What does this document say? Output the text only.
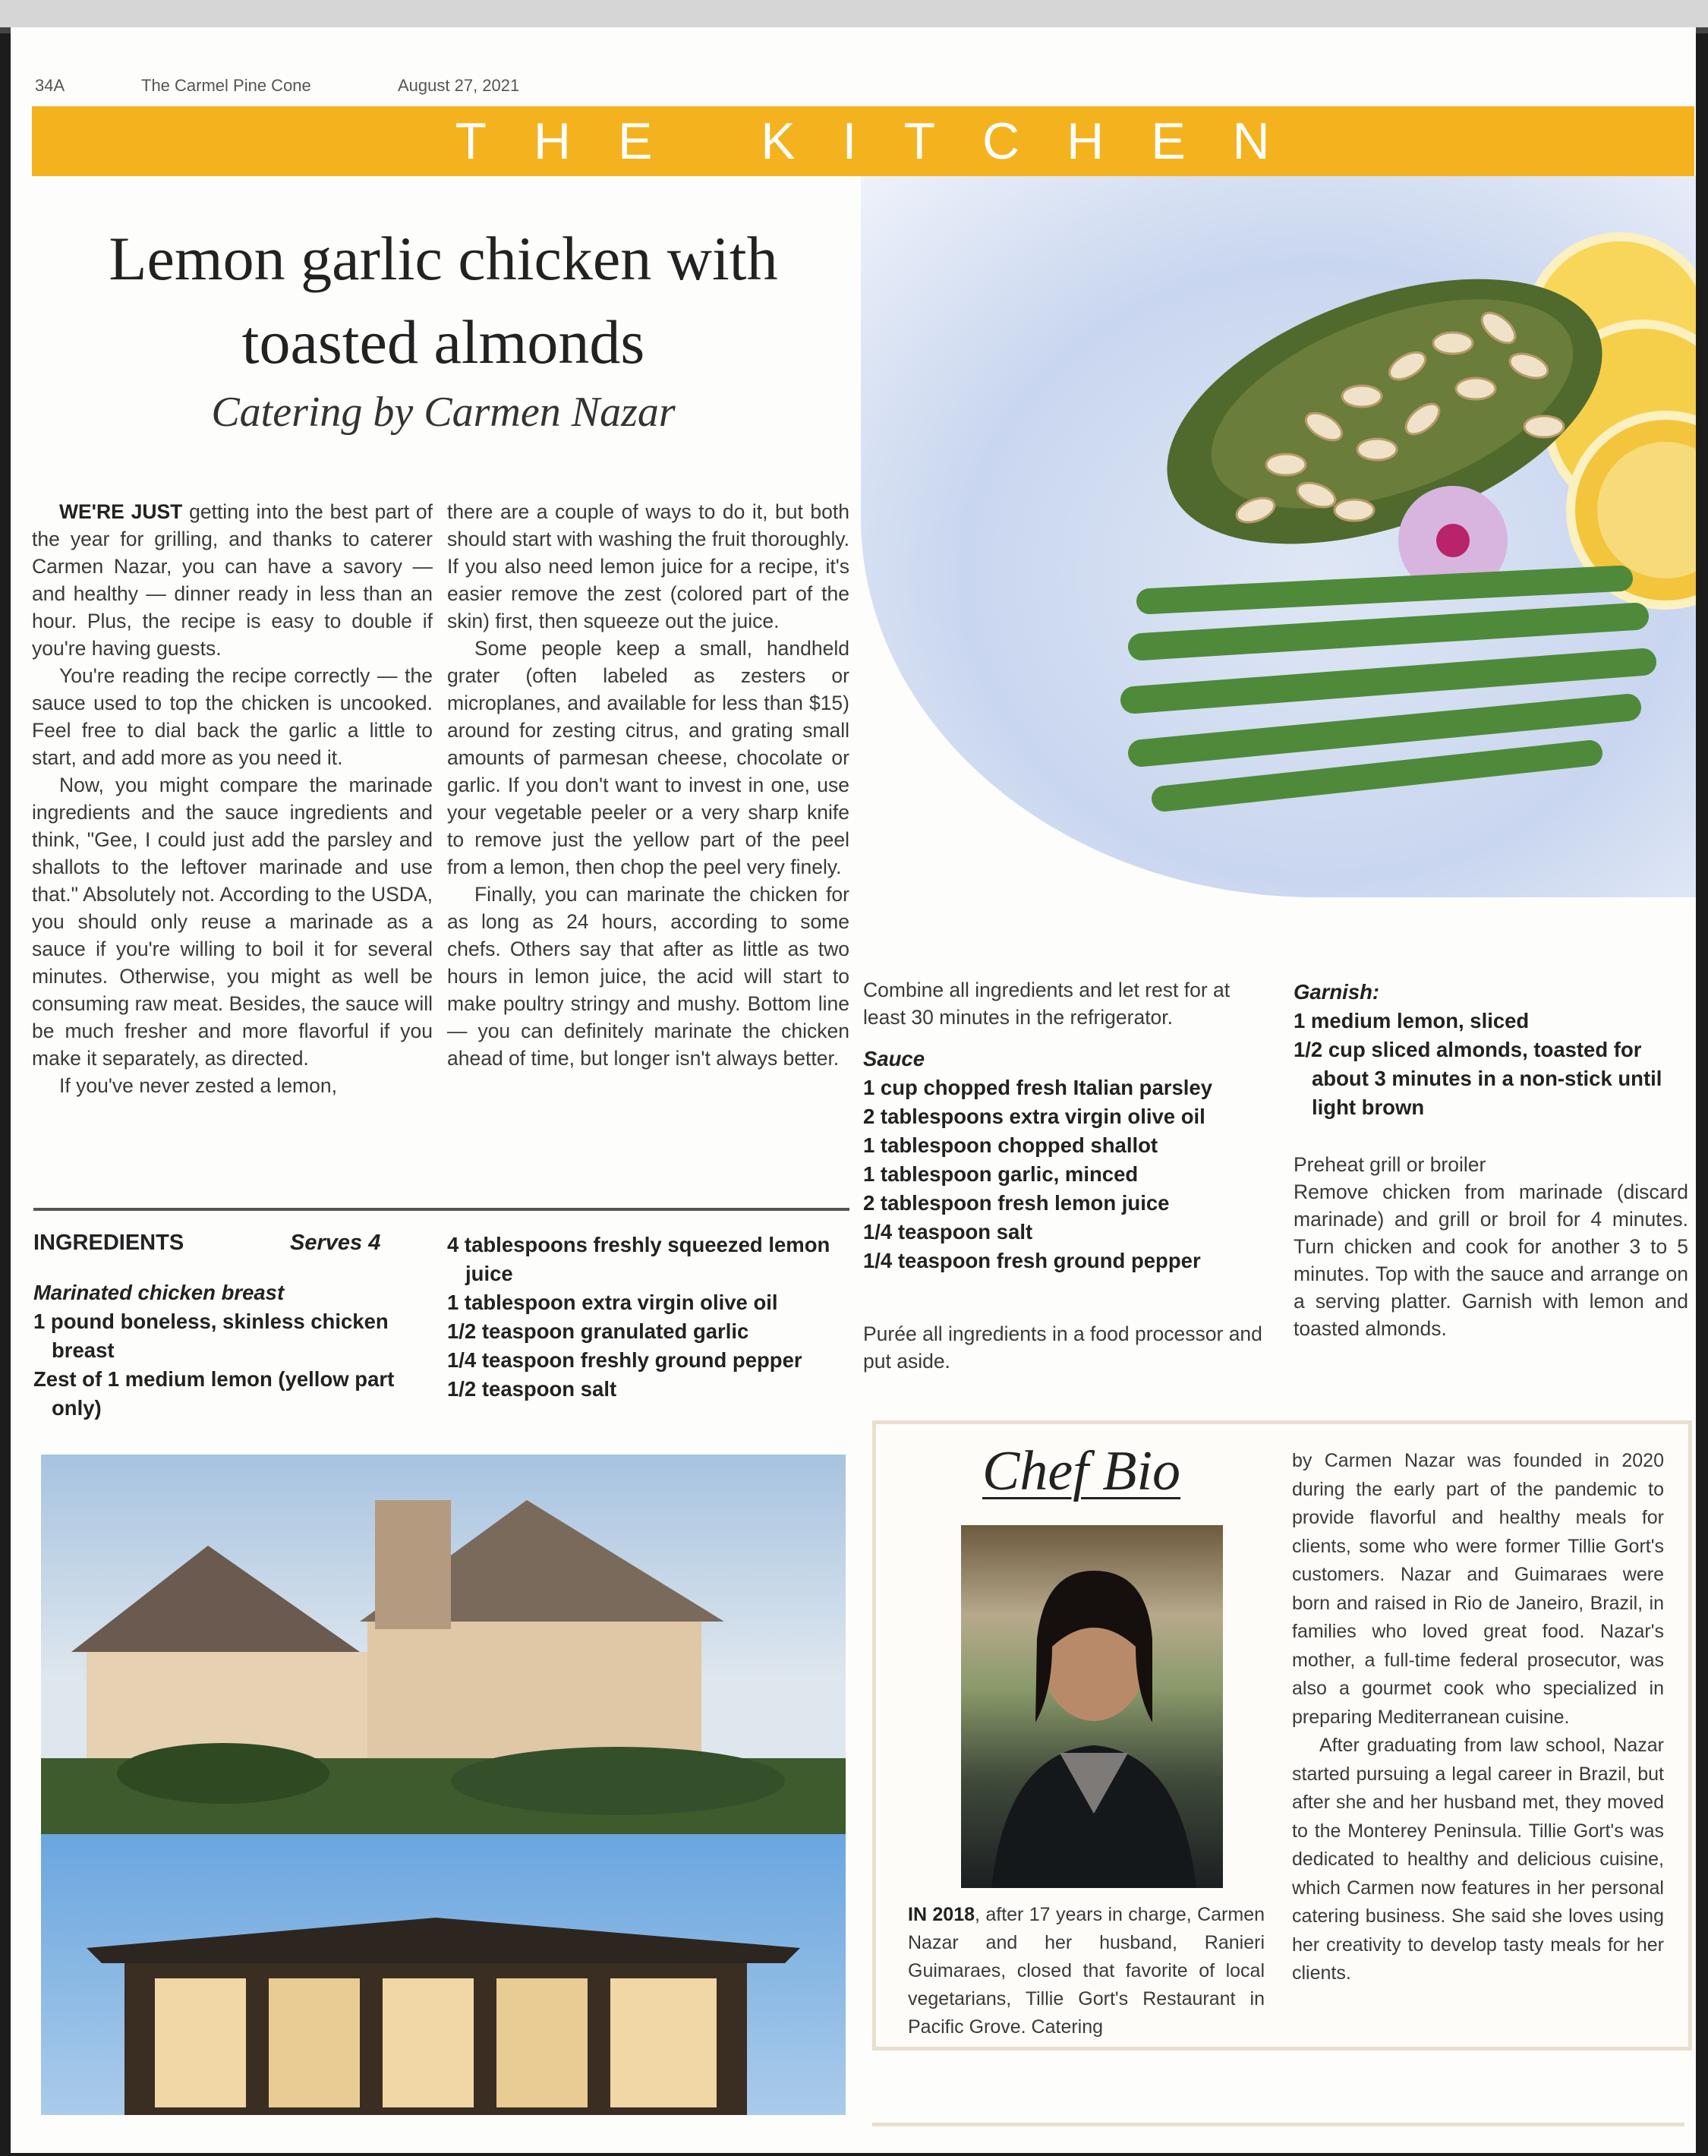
34A	The Carmel Pine Cone	August 27, 2021
THE KITCHEN
Lemon garlic chicken with
toasted almonds
Catering by Carmen Nazar

WE'RE JUST getting into the best part of the year for grilling, and thanks to caterer Carmen Nazar, you can have a savory — and healthy — dinner ready in less than an hour. Plus, the recipe is easy to double if you're having guests.

You're reading the recipe correctly — the sauce used to top the chicken is uncooked. Feel free to dial back the garlic a little to start, and add more as you need it.

Now, you might compare the marinade ingredients and the sauce ingredients and think, "Gee, I could just add the parsley and shallots to the leftover marinade and use that." Absolutely not. According to the USDA, you should only reuse a marinade as a sauce if you're willing to boil it for several minutes. Otherwise, you might as well be consuming raw meat. Besides, the sauce will be much fresher and more flavorful if you make it separately, as directed.

If you've never zested a lemon,

there are a couple of ways to do it, but both should start with washing the fruit thoroughly. If you also need lemon juice for a recipe, it's easier remove the zest (colored part of the skin) first, then squeeze out the juice.

Some people keep a small, handheld grater (often labeled as zesters or microplanes, and available for less than $15) around for zesting citrus, and grating small amounts of parmesan cheese, chocolate or garlic. If you don't want to invest in one, use your vegetable peeler or a very sharp knife to remove just the yellow part of the peel from a lemon, then chop the peel very finely.

Finally, you can marinate the chicken for as long as 24 hours, according to some chefs. Others say that after as little as two hours in lemon juice, the acid will start to make poultry stringy and mushy. Bottom line — you can definitely marinate the chicken ahead of time, but longer isn't always better.

INGREDIENTS	Serves 4
Marinated chicken breast
1 pound boneless, skinless chicken breast
Zest of 1 medium lemon (yellow part only)
4 tablespoons freshly squeezed lemon juice
1 tablespoon extra virgin olive oil
1/2 teaspoon granulated garlic
1/4 teaspoon freshly ground pepper
1/2 teaspoon salt
Combine all ingredients and let rest for at least 30 minutes in the refrigerator.
Sauce
1 cup chopped fresh Italian parsley
2 tablespoons extra virgin olive oil
1 tablespoon chopped shallot
1 tablespoon garlic, minced
2 tablespoon fresh lemon juice
1/4 teaspoon salt
1/4 teaspoon fresh ground pepper
Purée all ingredients in a food processor and put aside.
Garnish:
1 medium lemon, sliced
1/2 cup sliced almonds, toasted for about 3 minutes in a non-stick until light brown
Preheat grill or broiler
Remove chicken from marinade (discard marinade) and grill or broil for 4 minutes. Turn chicken and cook for another 3 to 5 minutes. Top with the sauce and arrange on a serving platter. Garnish with lemon and toasted almonds.
Chef Bio
IN 2018, after 17 years in charge, Carmen Nazar and her husband, Ranieri Guimaraes, closed that favorite of local vegetarians, Tillie Gort's Restaurant in Pacific Grove. Catering
by Carmen Nazar was founded in 2020 during the early part of the pandemic to provide flavorful and healthy meals for clients, some who were former Tillie Gort's customers. Nazar and Guimaraes were born and raised in Rio de Janeiro, Brazil, in families who loved great food. Nazar's mother, a full-time federal prosecutor, was also a gourmet cook who specialized in preparing Mediterranean cuisine.
After graduating from law school, Nazar started pursuing a legal career in Brazil, but after she and her husband met, they moved to the Monterey Peninsula. Tillie Gort's was dedicated to healthy and delicious cuisine, which Carmen now features in her personal catering business. She said she loves using her creativity to develop tasty meals for her clients.
